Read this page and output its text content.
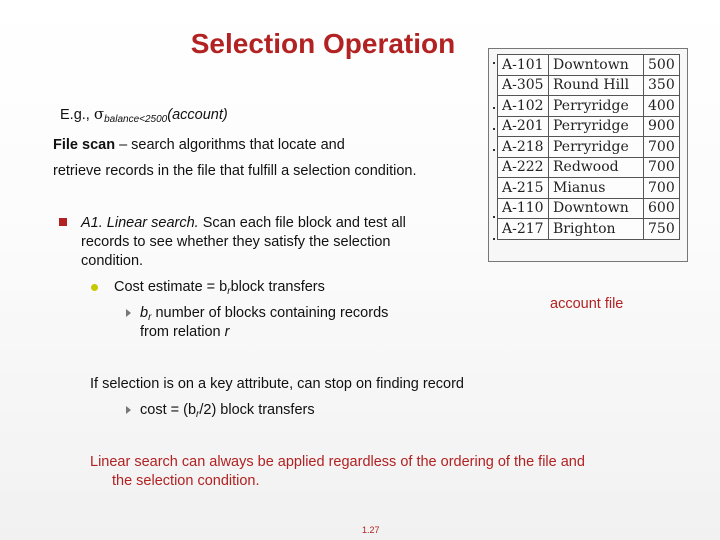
Selection Operation
E.g., $\sigma_{balance<2500}(account)$
File scan – search algorithms that locate and
retrieve records in the file that fulfill a selection condition.
A1. Linear search. Scan each file block and test all
records to see whether they satisfy the selection
condition.
Cost estimate = $b_rblock$ transfers
$b_r$ number of blocks containing records
from relation r
If selection is on a key attribute, can stop on finding record
$\cos t = (b_r/2)$ block transfers
Linear search can always be applied regardless of the ordering of the file and
the selection condition.
A-101	Downtown	500
A-305	Round Hill	350
A-102	Perryridge	400
A-201	Perryridge	900
A-218	Perryridge	700
A-222	Redwood	700
A-215	Mianus	700
A-110	Downtown	600
A-217	Brighton	750
account file
1.27
